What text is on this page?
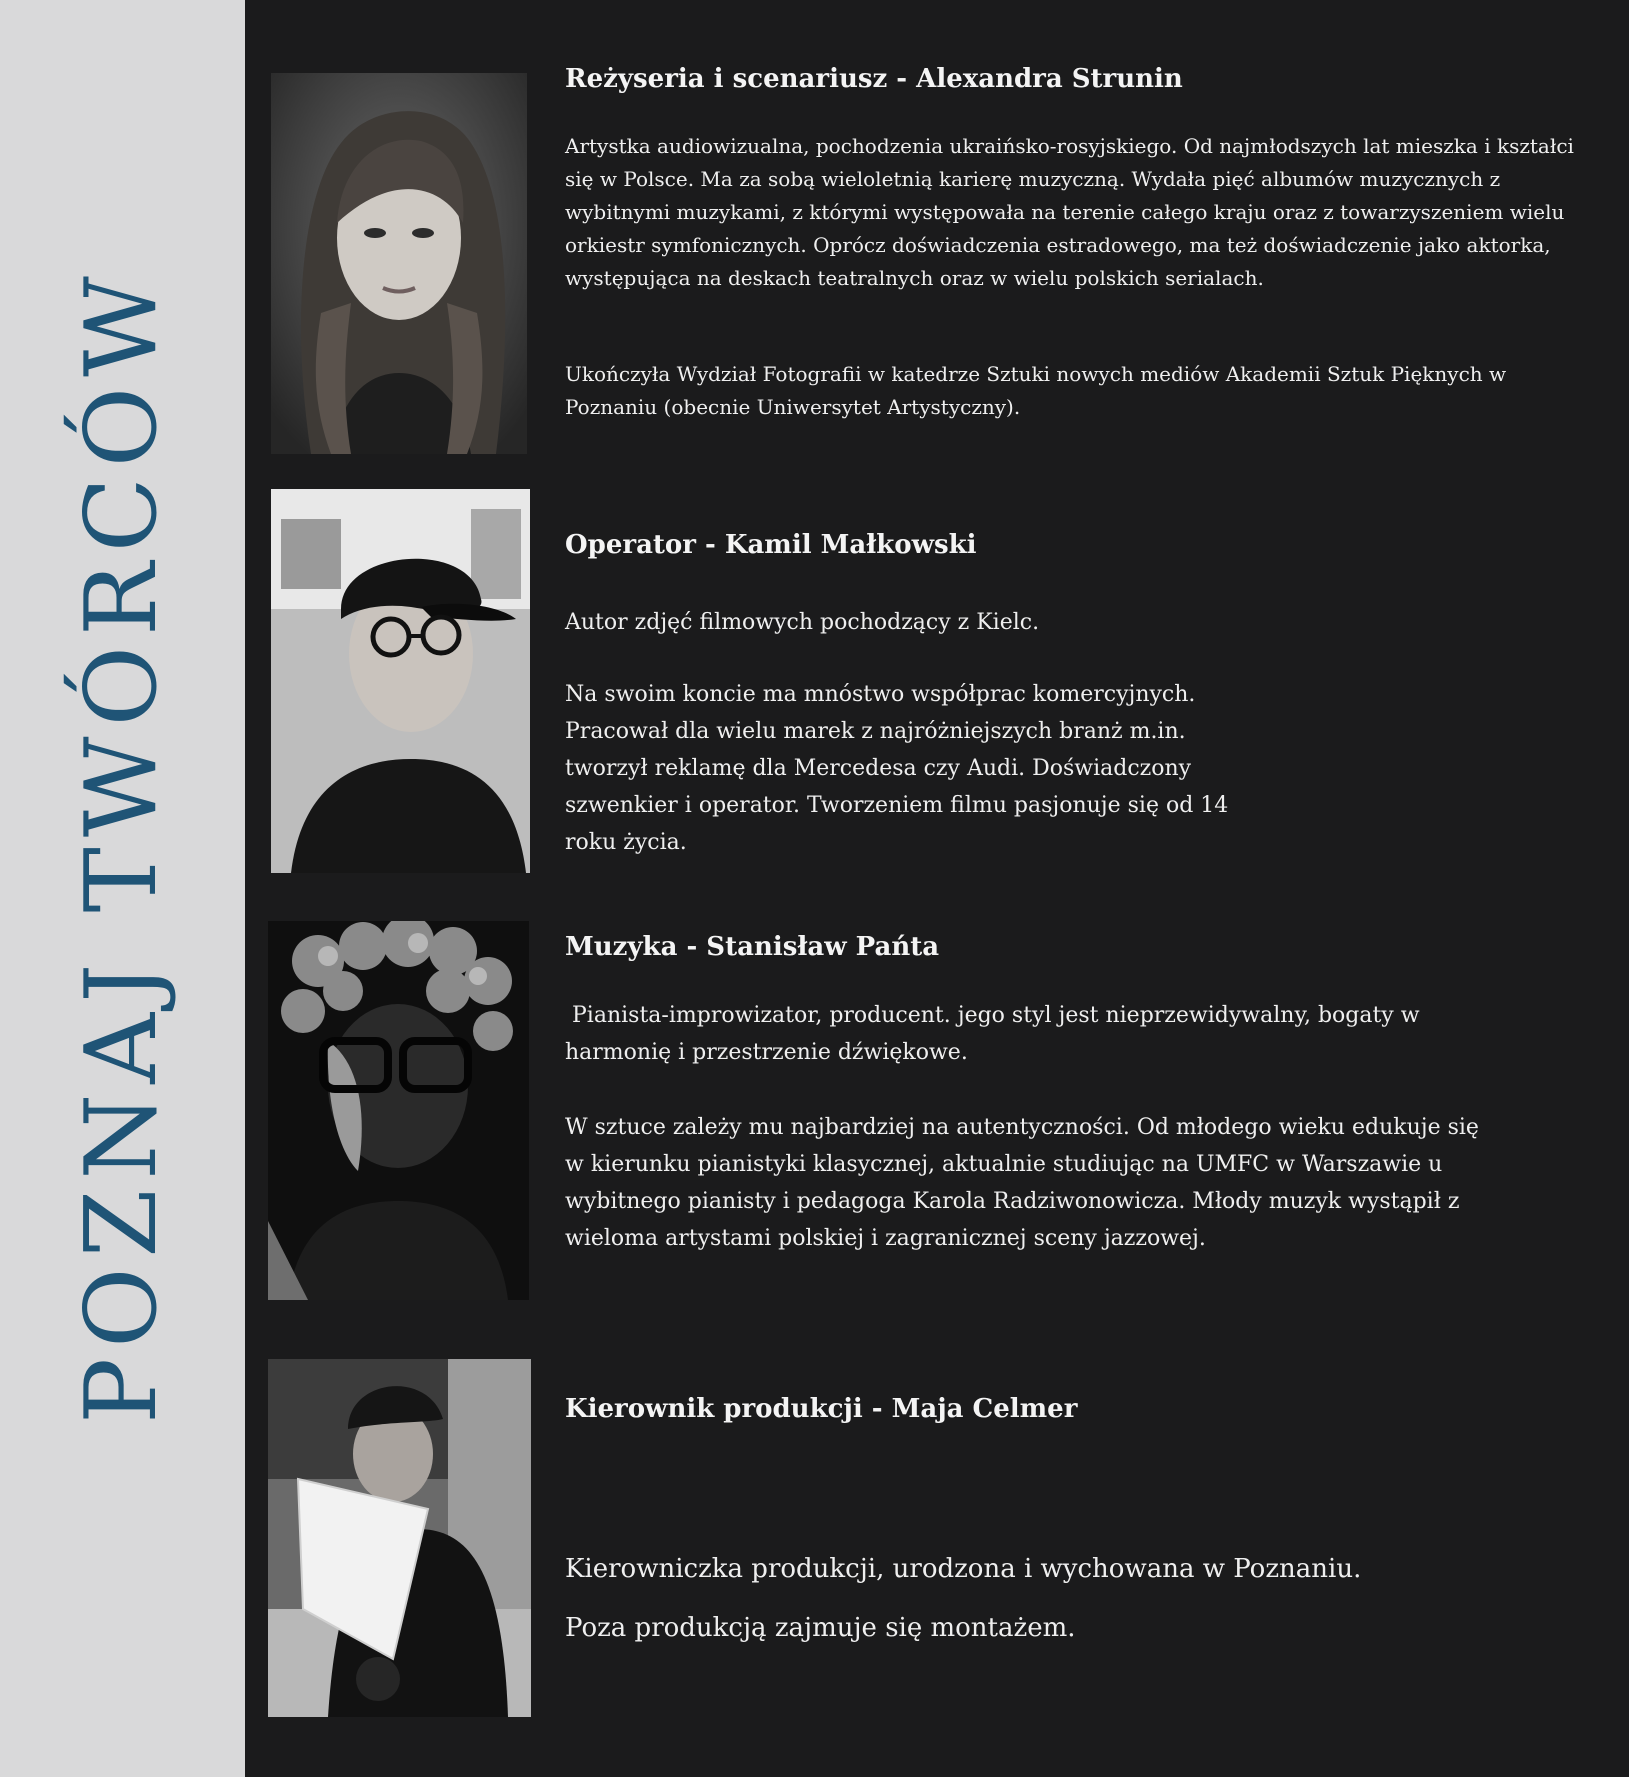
POZNAJ TWÓRCÓW
Reżyseria i scenariusz - Alexandra Strunin

Artystka audiowizualna, pochodzenia ukraińsko-rosyjskiego. Od najmłodszych lat mieszka i kształci się w Polsce. Ma za sobą wieloletnią karierę muzyczną. Wydała pięć albumów muzycznych z wybitnymi muzykami, z którymi występowała na terenie całego kraju oraz z towarzyszeniem wielu orkiestr symfonicznych. Oprócz doświadczenia estradowego, ma też doświadczenie jako aktorka, występująca na deskach teatralnych oraz w wielu polskich serialach.

Ukończyła Wydział Fotografii w katedrze Sztuki nowych mediów Akademii Sztuk Pięknych w Poznaniu (obecnie Uniwersytet Artystyczny).

Operator - Kamil Małkowski

Autor zdjęć filmowych pochodzący z Kielc.

Na swoim koncie ma mnóstwo współprac komercyjnych. Pracował dla wielu marek z najróżniejszych branż m.in. tworzył reklamę dla Mercedesa czy Audi. Doświadczony szwenkier i operator. Tworzeniem filmu pasjonuje się od 14 roku życia.

Muzyka - Stanisław Pańta

Pianista-improwizator, producent. jego styl jest nieprzewidywalny, bogaty w harmonię i przestrzenie dźwiękowe.

W sztuce zależy mu najbardziej na autentyczności. Od młodego wieku edukuje się w kierunku pianistyki klasycznej, aktualnie studiując na UMFC w Warszawie u wybitnego pianisty i pedagoga Karola Radziwonowicza. Młody muzyk wystąpił z wieloma artystami polskiej i zagranicznej sceny jazzowej.

Kierownik produkcji - Maja Celmer

Kierowniczka produkcji, urodzona i wychowana w Poznaniu.

Poza produkcją zajmuje się montażem.
